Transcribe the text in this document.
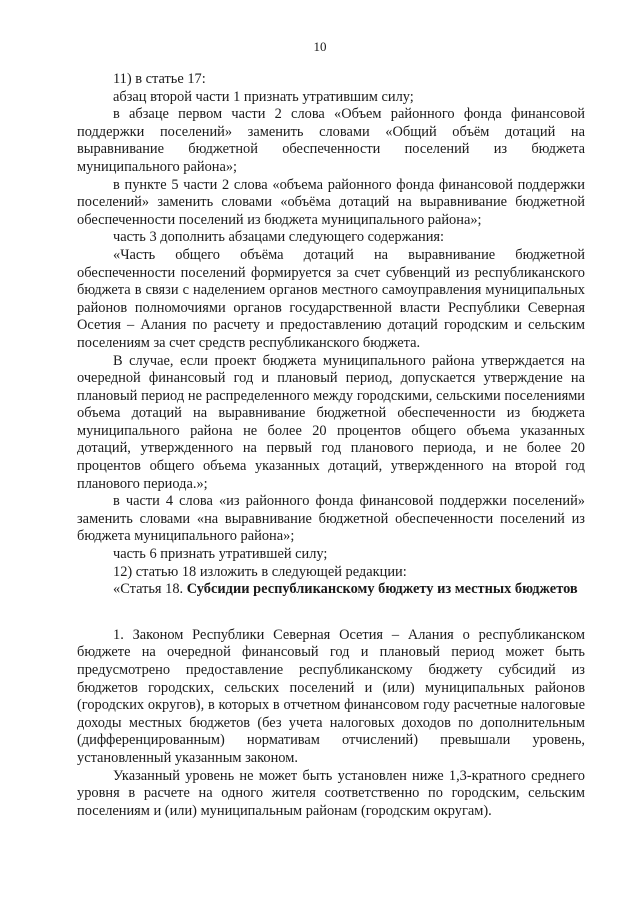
10

11) в статье 17:

абзац второй части 1 признать утратившим силу;

в абзаце первом части 2 слова «Объем районного фонда финансовой поддержки поселений» заменить словами «Общий объём дотаций на выравнивание бюджетной обеспеченности поселений из бюджета муниципального района»;

в пункте 5 части 2 слова «объема районного фонда финансовой поддержки поселений» заменить словами «объёма дотаций на выравнивание бюджетной обеспеченности поселений из бюджета муниципального района»;

часть 3 дополнить абзацами следующего содержания:

«Часть общего объёма дотаций на выравнивание бюджетной обеспеченности поселений формируется за счет субвенций из республиканского бюджета в связи с наделением органов местного самоуправления муниципальных районов полномочиями органов государственной власти Республики Северная Осетия – Алания по расчету и предоставлению дотаций городским и сельским поселениям за счет средств республиканского бюджета.

В случае, если проект бюджета муниципального района утверждается на очередной финансовый год и плановый период, допускается утверждение на плановый период не распределенного между городскими, сельскими поселениями объема дотаций на выравнивание бюджетной обеспеченности из бюджета муниципального района не более 20 процентов общего объема указанных дотаций, утвержденного на первый год планового периода, и не более 20 процентов общего объема указанных дотаций, утвержденного на второй год планового периода.»;

в части 4 слова «из районного фонда финансовой поддержки поселений» заменить словами «на выравнивание бюджетной обеспеченности поселений из бюджета муниципального района»;

часть 6 признать утратившей силу;

12) статью 18 изложить в следующей редакции:

«Статья 18. Субсидии республиканскому бюджету из местных бюджетов

1. Законом Республики Северная Осетия – Алания о республиканском бюджете на очередной финансовый год и плановый период может быть предусмотрено предоставление республиканскому бюджету субсидий из бюджетов городских, сельских поселений и (или) муниципальных районов (городских округов), в которых в отчетном финансовом году расчетные налоговые доходы местных бюджетов (без учета налоговых доходов по дополнительным (дифференцированным) нормативам отчислений) превышали уровень, установленный указанным законом.

Указанный уровень не может быть установлен ниже 1,3-кратного среднего уровня в расчете на одного жителя соответственно по городским, сельским поселениям и (или) муниципальным районам (городским округам).
